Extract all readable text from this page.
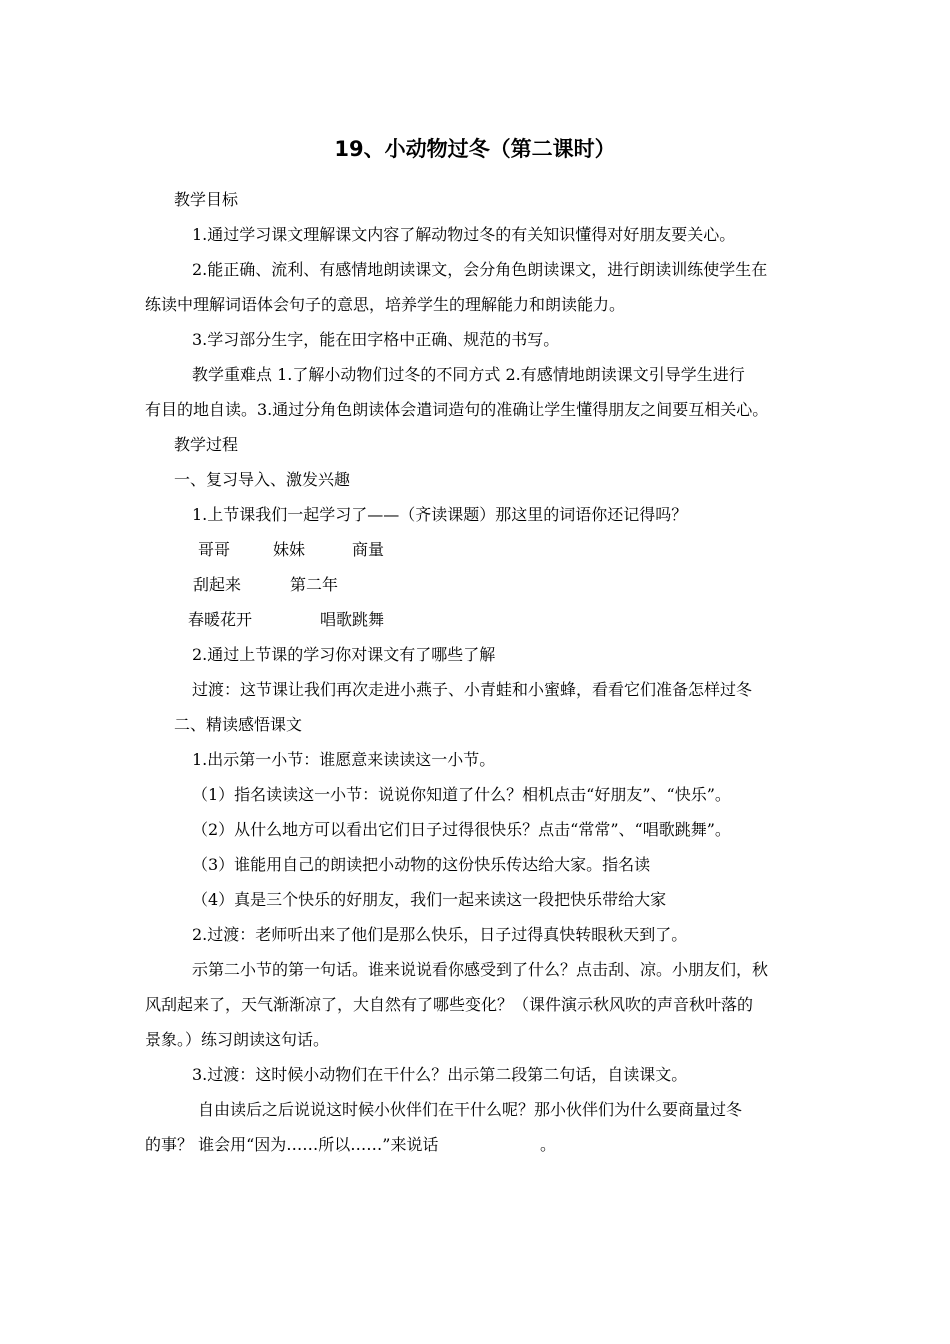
19、小动物过冬（第二课时）
教学目标
1.通过学习课文理解课文内容了解动物过冬的有关知识懂得对好朋友要关心。
2.能正确、流利、有感情地朗读课文，会分角色朗读课文，进行朗读训练使学生在
练读中理解词语体会句子的意思，培养学生的理解能力和朗读能力。
3.学习部分生字，能在田字格中正确、规范的书写。
教学重难点 1.了解小动物们过冬的不同方式 2.有感情地朗读课文引导学生进行
有目的地自读。3.通过分角色朗读体会遣词造句的准确让学生懂得朋友之间要互相关心。
教学过程
一、复习导入、激发兴趣
1.上节课我们一起学习了——（齐读课题）那这里的词语你还记得吗？
哥哥	妹妹	商量
刮起来	第二年
春暖花开	唱歌跳舞
2.通过上节课的学习你对课文有了哪些了解
过渡：这节课让我们再次走进小燕子、小青蛙和小蜜蜂，看看它们准备怎样过冬
二、精读感悟课文
1.出示第一小节：谁愿意来读读这一小节。
（1）指名读读这一小节：说说你知道了什么？相机点击“好朋友”、“快乐”。
（2）从什么地方可以看出它们日子过得很快乐？点击“常常”、“唱歌跳舞”。
（3）谁能用自己的朗读把小动物的这份快乐传达给大家。指名读
（4）真是三个快乐的好朋友，我们一起来读这一段把快乐带给大家
2.过渡：老师听出来了他们是那么快乐，日子过得真快转眼秋天到了。
示第二小节的第一句话。谁来说说看你感受到了什么？点击刮、凉。小朋友们，秋
风刮起来了，天气渐渐凉了，大自然有了哪些变化？（课件演示秋风吹的声音秋叶落的
景象。）练习朗读这句话。
3.过渡：这时候小动物们在干什么？出示第二段第二句话，自读课文。
自由读后之后说说这时候小伙伴们在干什么呢？那小伙伴们为什么要商量过冬
的事？ 谁会用“因为……所以……”来说话	。
